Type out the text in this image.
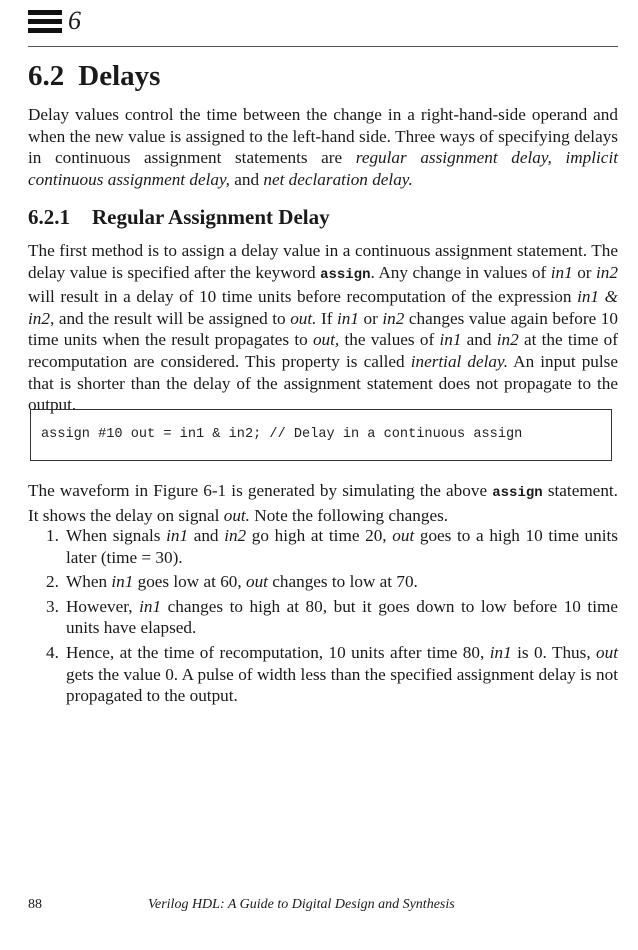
6
6.2 Delays

Delay values control the time between the change in a right-hand-side operand and when the new value is assigned to the left-hand side. Three ways of specifying delays in continuous assignment statements are regular assignment delay, implicit continuous assignment delay, and net declaration delay.

6.2.1 Regular Assignment Delay

The first method is to assign a delay value in a continuous assignment statement. The delay value is specified after the keyword assign. Any change in values of in1 or in2 will result in a delay of 10 time units before recomputation of the expression in1 & in2, and the result will be assigned to out. If in1 or in2 changes value again before 10 time units when the result propagates to out, the values of in1 and in2 at the time of recomputation are considered. This property is called inertial delay. An input pulse that is shorter than the delay of the assignment statement does not propagate to the output.

assign #10 out = in1 & in2; // Delay in a continuous assign

The waveform in Figure 6-1 is generated by simulating the above assign statement. It shows the delay on signal out. Note the following changes.

1. When signals in1 and in2 go high at time 20, out goes to a high 10 time units later (time = 30).
2. When in1 goes low at 60, out changes to low at 70.
3. However, in1 changes to high at 80, but it goes down to low before 10 time units have elapsed.
4. Hence, at the time of recomputation, 10 units after time 80, in1 is 0. Thus, out gets the value 0. A pulse of width less than the specified assignment delay is not propagated to the output.
88	Verilog HDL: A Guide to Digital Design and Synthesis
